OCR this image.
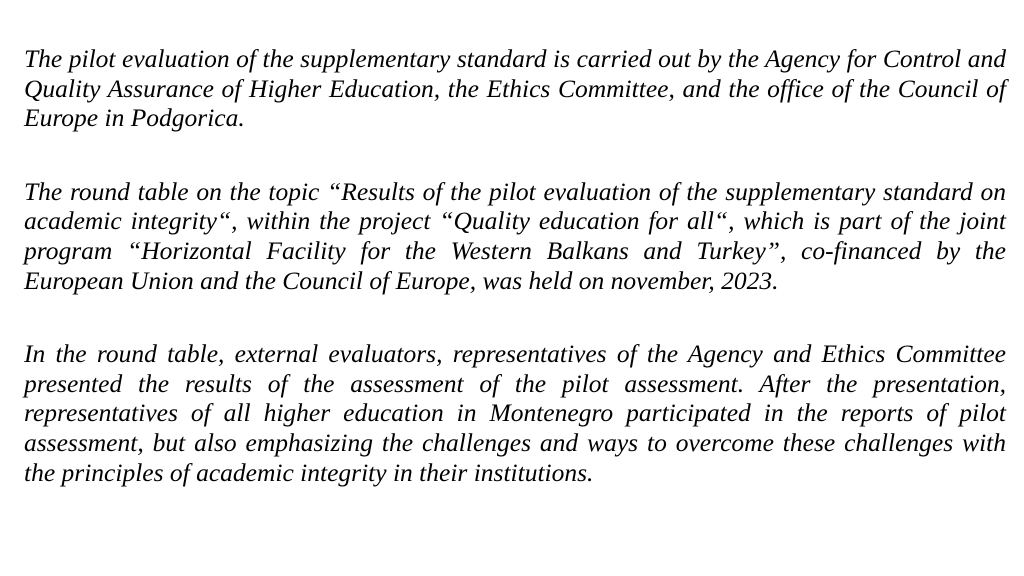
The pilot evaluation of the supplementary standard is carried out by the Agency for Control and Quality Assurance of Higher Education, the Ethics Committee, and the office of the Council of Europe in Podgorica.

The round table on the topic “Results of the pilot evaluation of the supplementary standard on academic integrity“, within the project “Quality education for all“, which is part of the joint program “Horizontal Facility for the Western Balkans and Turkey”, co-financed by the European Union and the Council of Europe, was held on november, 2023.

In the round table, external evaluators, representatives of the Agency and Ethics Committee presented the results of the assessment of the pilot assessment. After the presentation, representatives of all higher education in Montenegro participated in the reports of pilot assessment, but also emphasizing the challenges and ways to overcome these challenges with the principles of academic integrity in their institutions.
